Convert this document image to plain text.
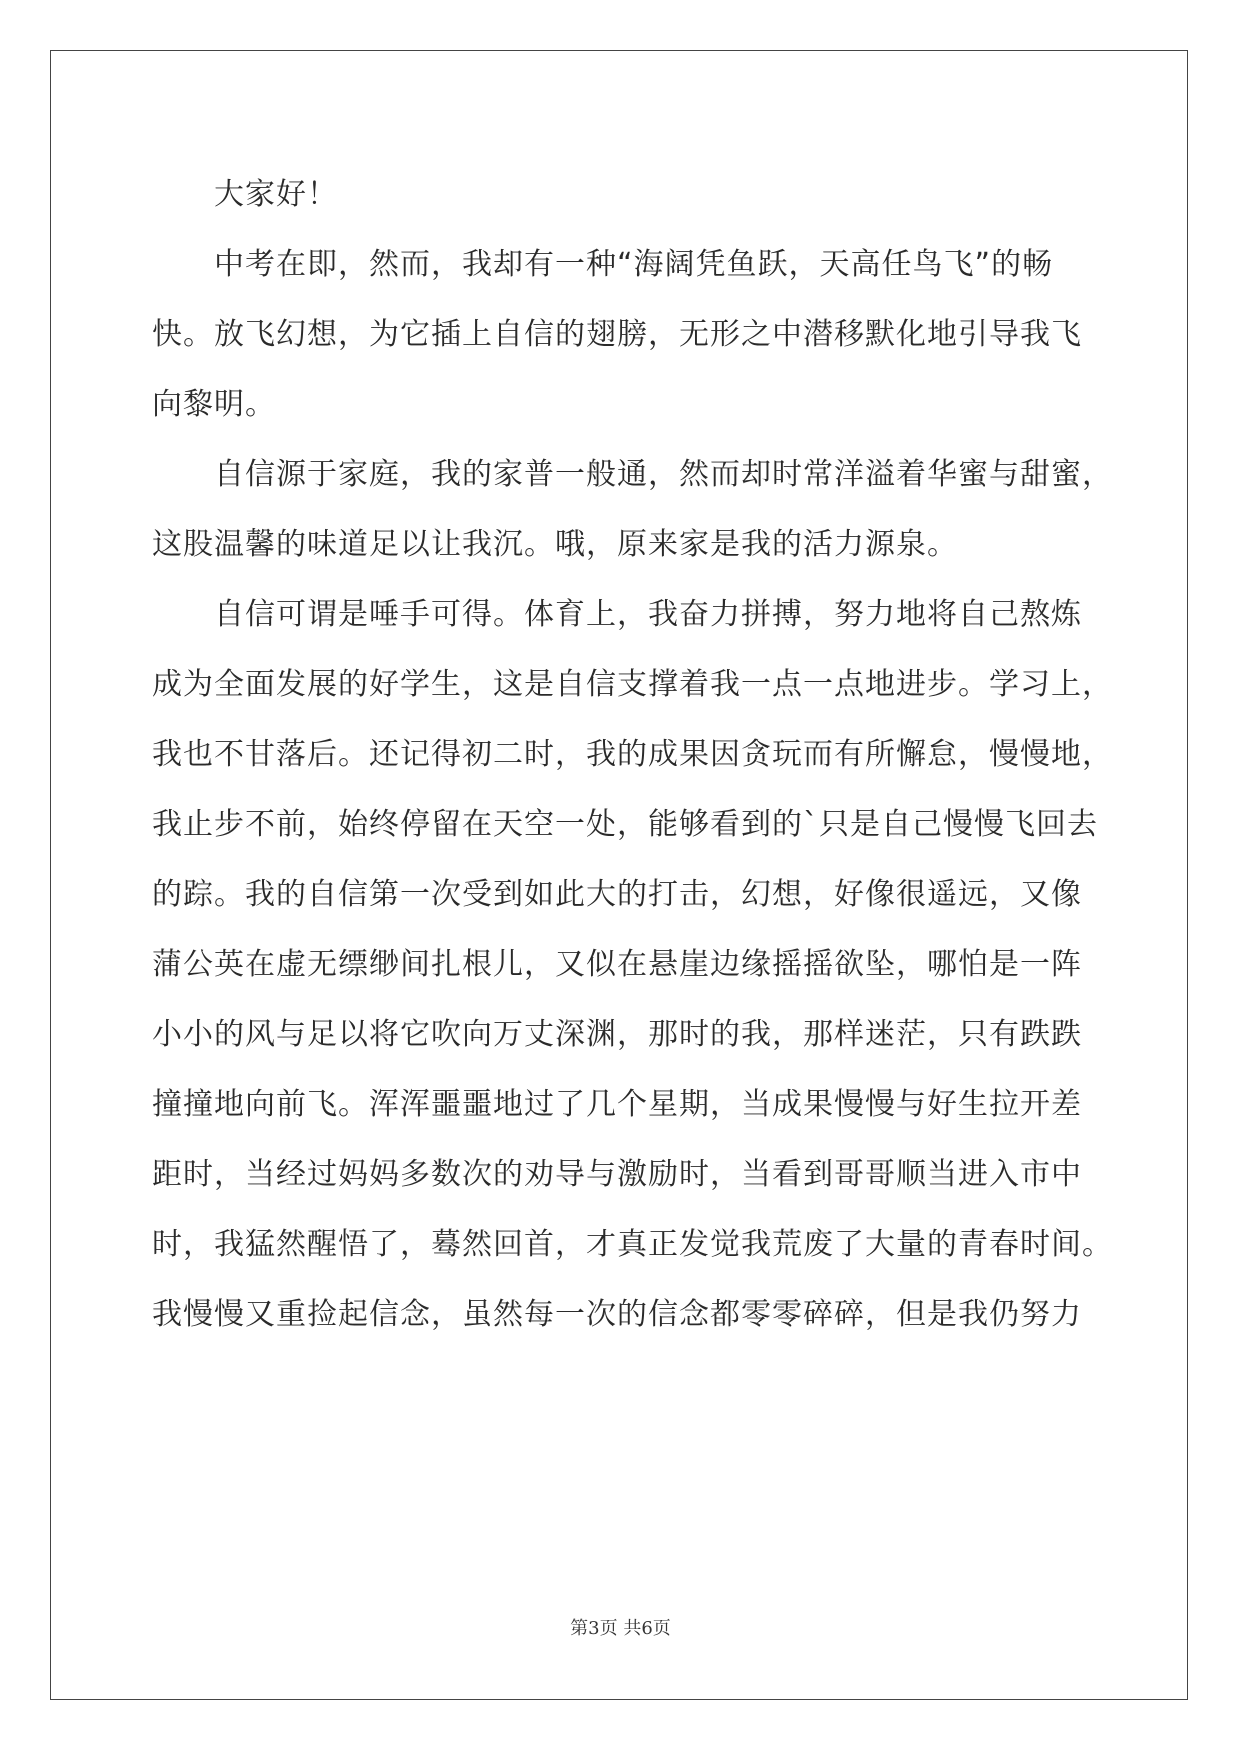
大家好！
中考在即，然而，我却有一种“海阔凭鱼跃，天高任鸟飞”的畅
快。放飞幻想，为它插上自信的翅膀，无形之中潜移默化地引导我飞
向黎明。
自信源于家庭，我的家普一般通，然而却时常洋溢着华蜜与甜蜜，
这股温馨的味道足以让我沉。哦，原来家是我的活力源泉。
自信可谓是唾手可得。体育上，我奋力拼搏，努力地将自己熬炼
成为全面发展的好学生，这是自信支撑着我一点一点地进步。学习上，
我也不甘落后。还记得初二时，我的成果因贪玩而有所懈怠，慢慢地，
我止步不前，始终停留在天空一处，能够看到的`只是自己慢慢飞回去
的踪。我的自信第一次受到如此大的打击，幻想，好像很遥远，又像
蒲公英在虚无缥缈间扎根儿，又似在悬崖边缘摇摇欲坠，哪怕是一阵
小小的风与足以将它吹向万丈深渊，那时的我，那样迷茫，只有跌跌
撞撞地向前飞。浑浑噩噩地过了几个星期，当成果慢慢与好生拉开差
距时，当经过妈妈多数次的劝导与激励时，当看到哥哥顺当进入市中
时，我猛然醒悟了，蓦然回首，才真正发觉我荒废了大量的青春时间。
我慢慢又重捡起信念，虽然每一次的信念都零零碎碎，但是我仍努力
第3页 共6页
